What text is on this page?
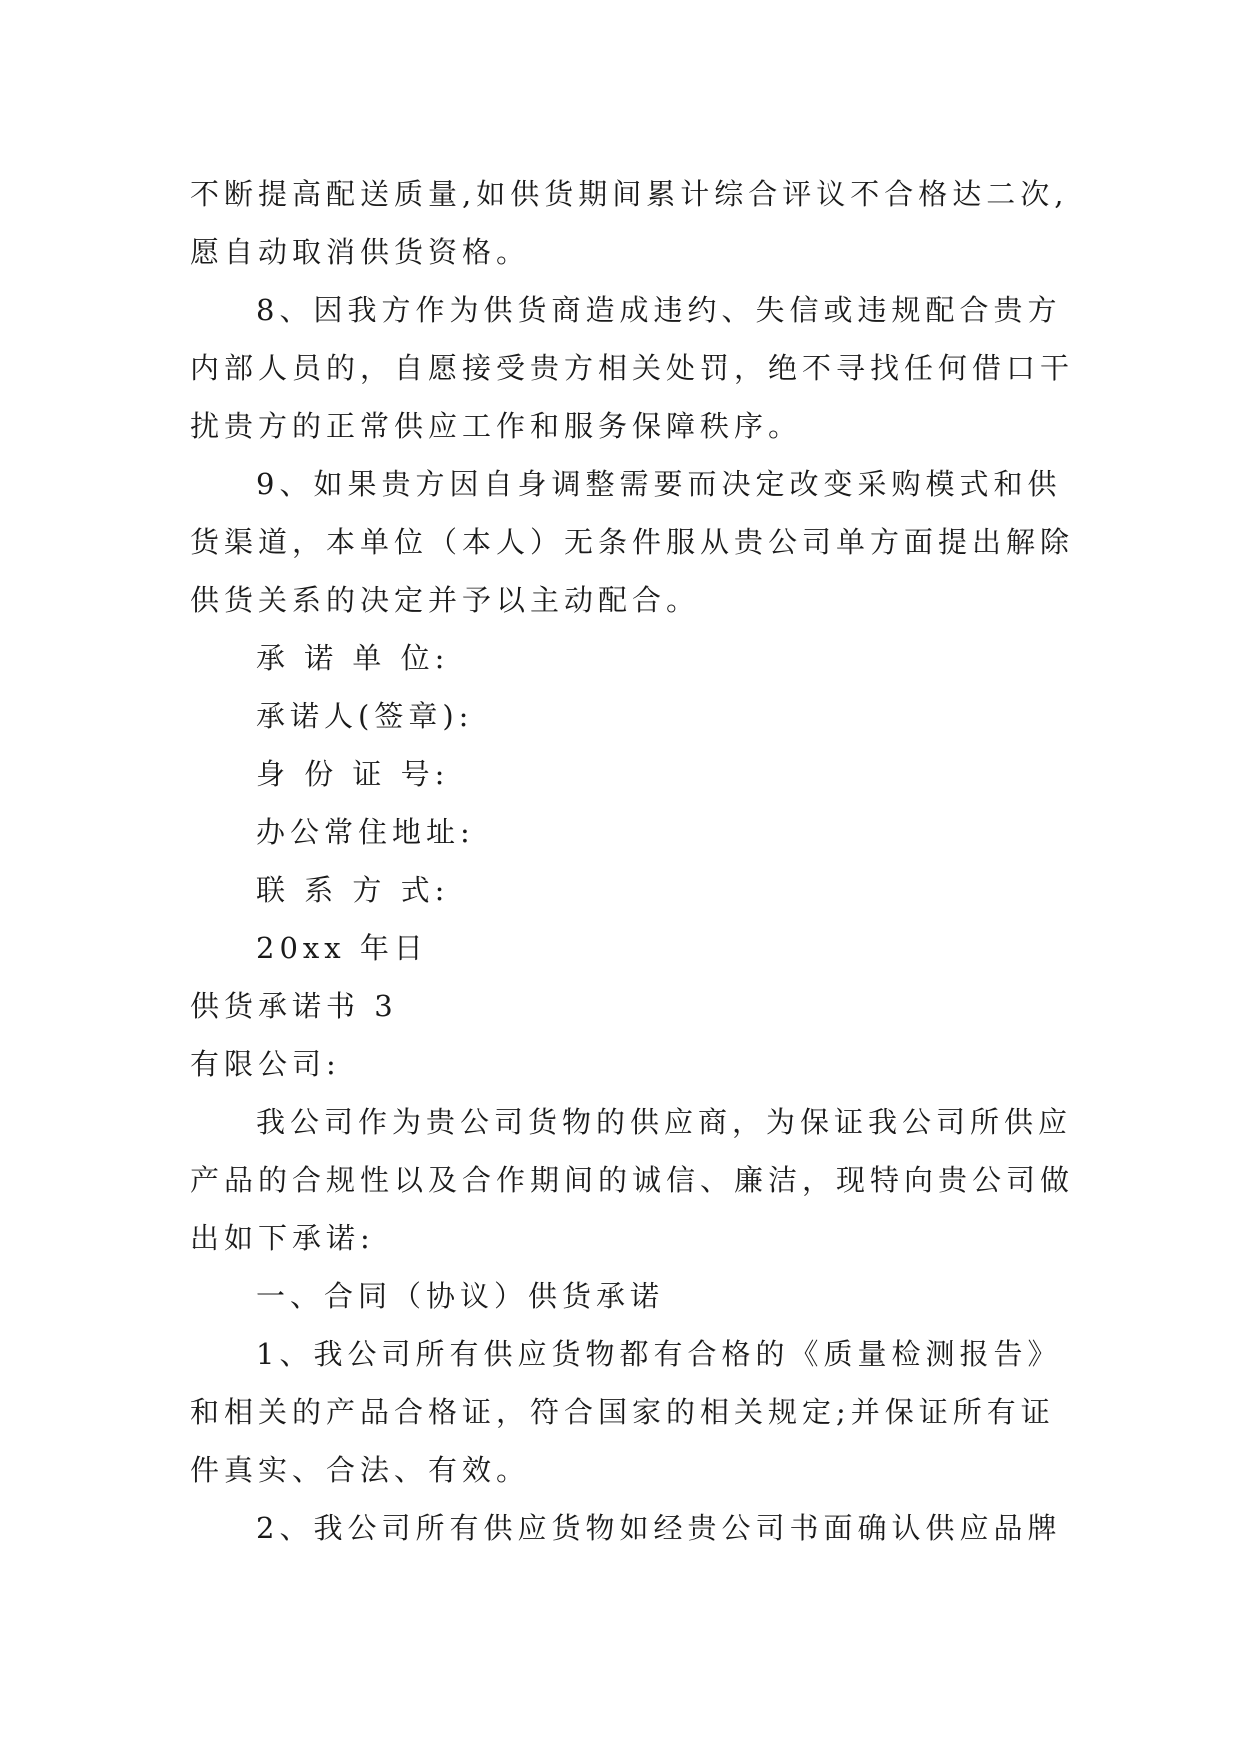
不断提高配送质量,如供货期间累计综合评议不合格达二次,
愿自动取消供货资格。
8、因我方作为供货商造成违约、失信或违规配合贵方
内部人员的，自愿接受贵方相关处罚，绝不寻找任何借口干
扰贵方的正常供应工作和服务保障秩序。
9、如果贵方因自身调整需要而决定改变采购模式和供
货渠道，本单位（本人）无条件服从贵公司单方面提出解除
供货关系的决定并予以主动配合。
承 诺 单 位:
承诺人(签章):
身 份 证 号:
办公常住地址:
联 系 方 式:
20xx 年日
供货承诺书 3
有限公司:
我公司作为贵公司货物的供应商，为保证我公司所供应
产品的合规性以及合作期间的诚信、廉洁，现特向贵公司做
出如下承诺:
一、合同（协议）供货承诺
1、我公司所有供应货物都有合格的《质量检测报告》
和相关的产品合格证，符合国家的相关规定;并保证所有证
件真实、合法、有效。
2、我公司所有供应货物如经贵公司书面确认供应品牌
